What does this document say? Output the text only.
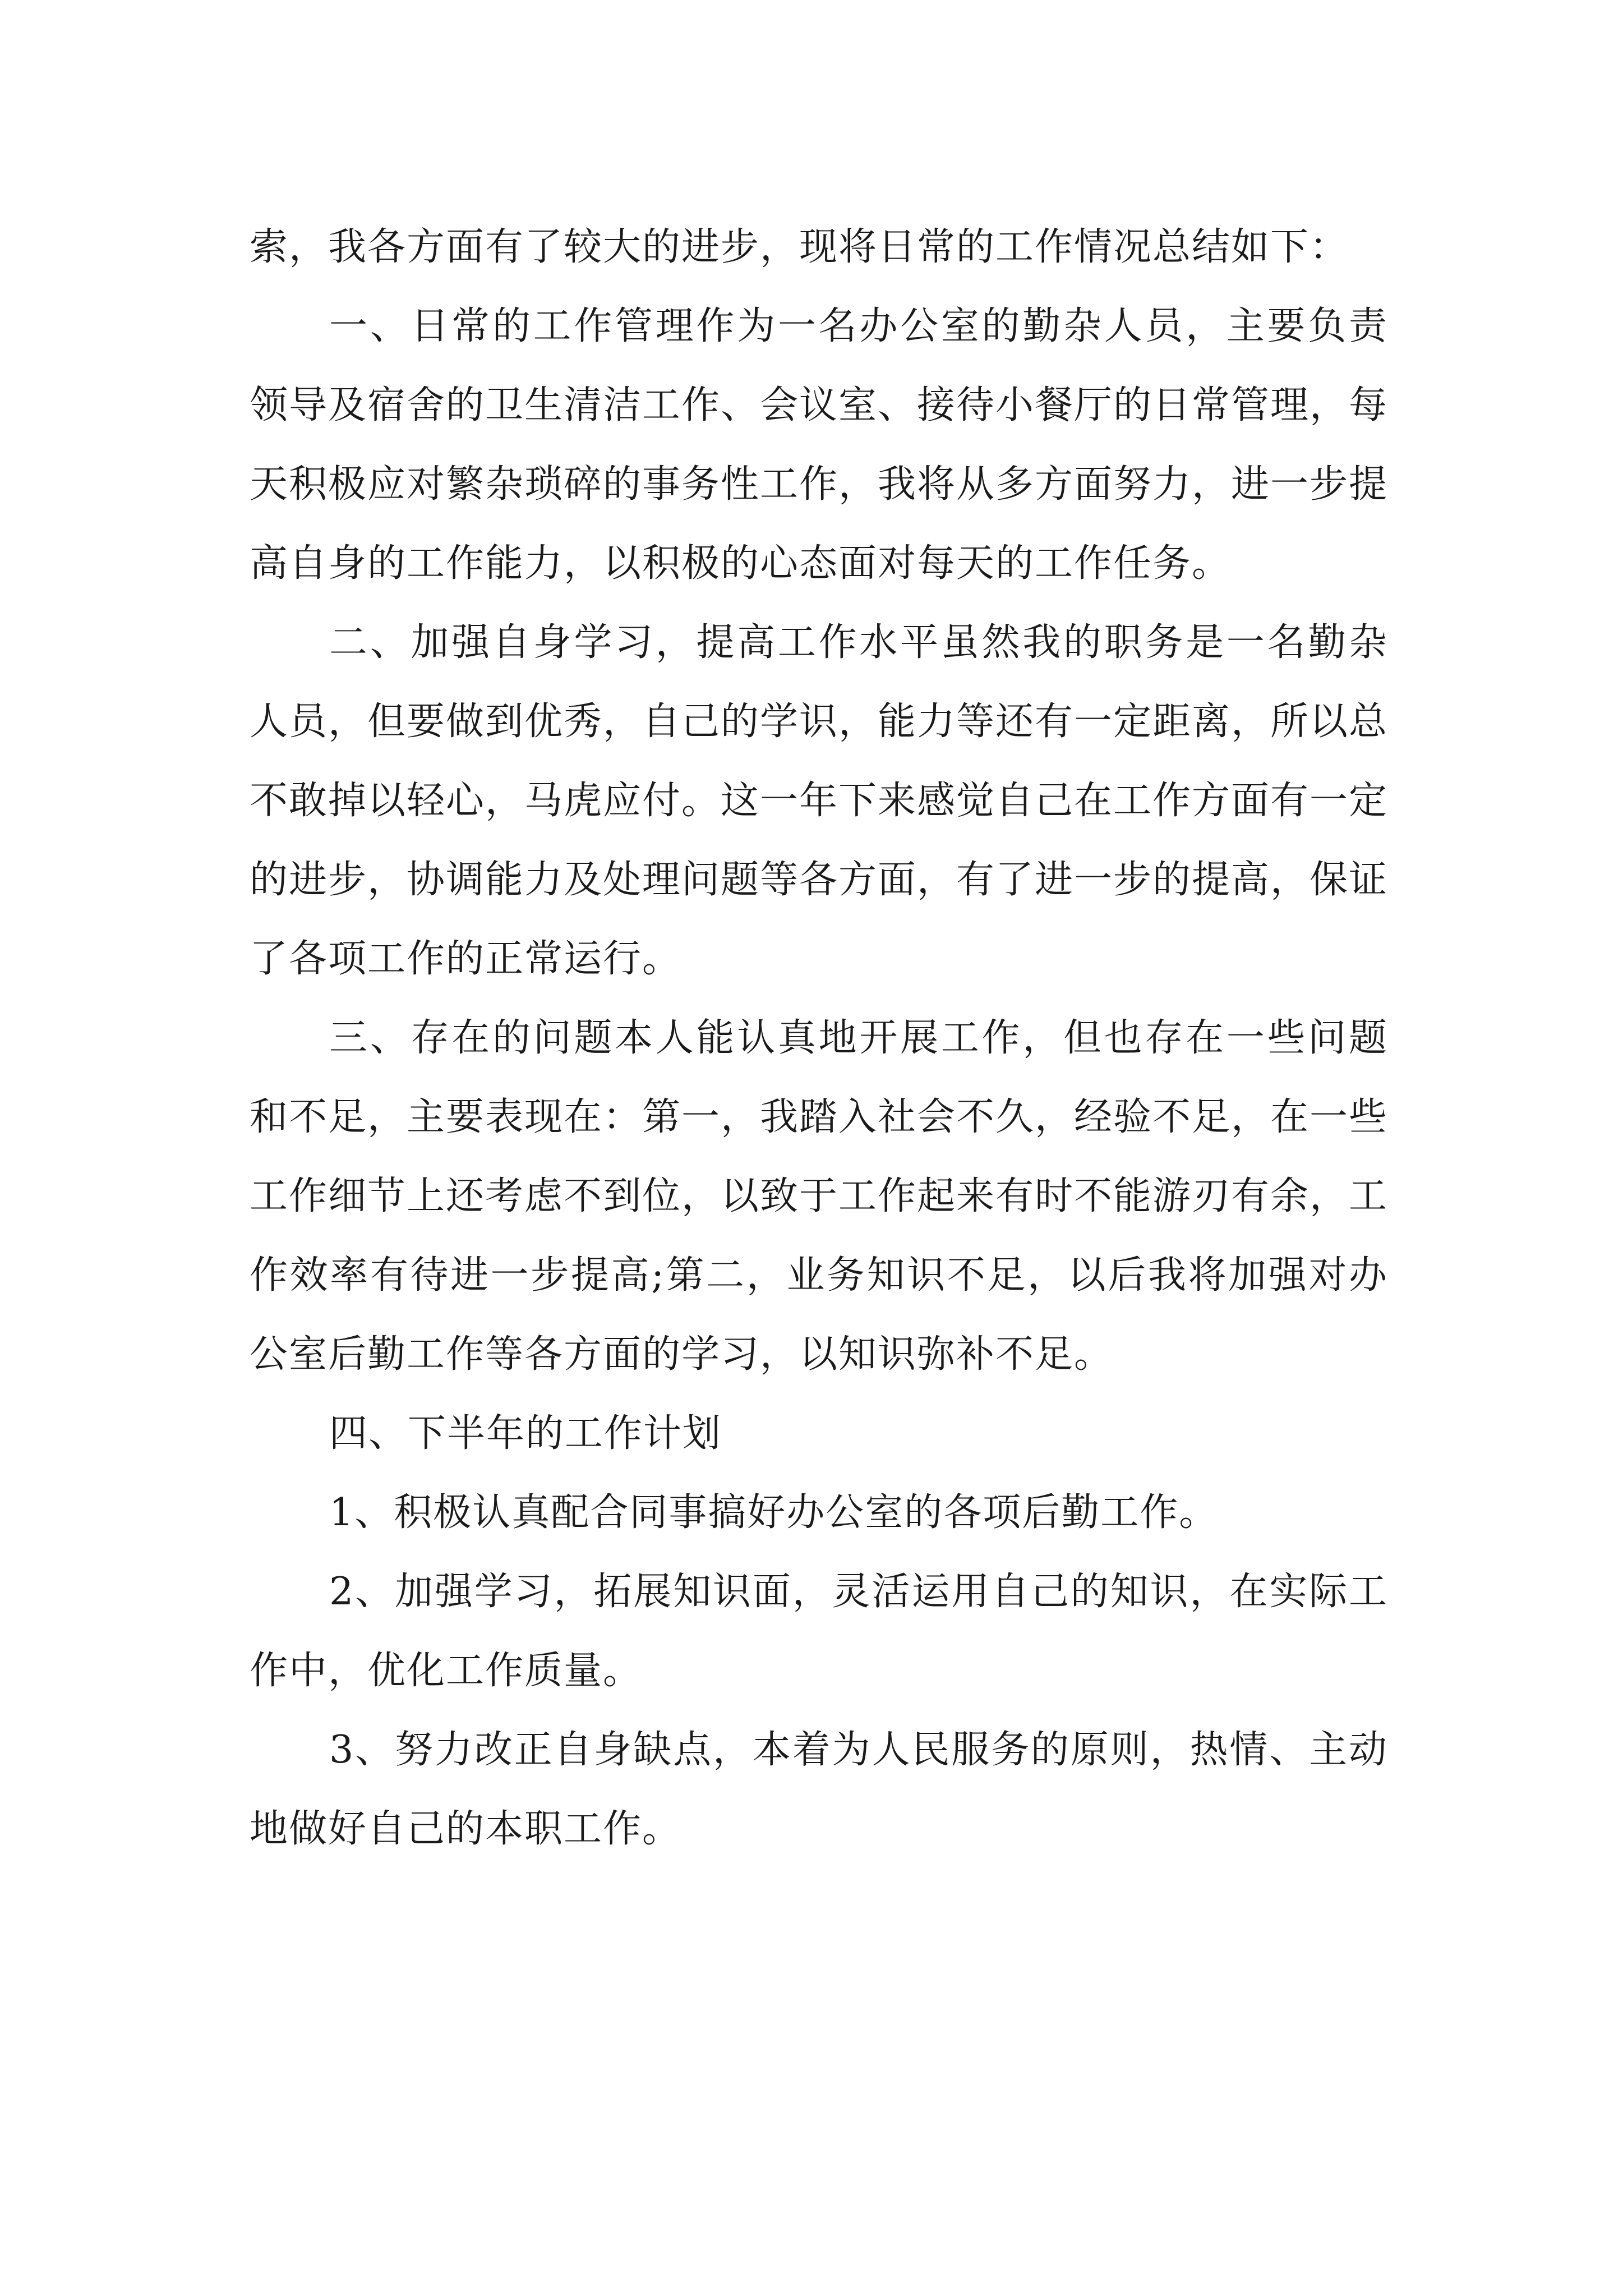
索，我各方面有了较大的进步，现将日常的工作情况总结如下：

一、日常的工作管理作为一名办公室的勤杂人员，主要负责领导及宿舍的卫生清洁工作、会议室、接待小餐厅的日常管理，每天积极应对繁杂琐碎的事务性工作，我将从多方面努力，进一步提高自身的工作能力，以积极的心态面对每天的工作任务。

二、加强自身学习，提高工作水平虽然我的职务是一名勤杂人员，但要做到优秀，自己的学识，能力等还有一定距离，所以总不敢掉以轻心，马虎应付。这一年下来感觉自己在工作方面有一定的进步，协调能力及处理问题等各方面，有了进一步的提高，保证了各项工作的正常运行。

三、存在的问题本人能认真地开展工作，但也存在一些问题和不足，主要表现在：第一，我踏入社会不久，经验不足，在一些工作细节上还考虑不到位，以致于工作起来有时不能游刃有余，工作效率有待进一步提高;第二，业务知识不足，以后我将加强对办公室后勤工作等各方面的学习，以知识弥补不足。

四、下半年的工作计划

1、积极认真配合同事搞好办公室的各项后勤工作。

2、加强学习，拓展知识面，灵活运用自己的知识，在实际工作中，优化工作质量。

3、努力改正自身缺点，本着为人民服务的原则，热情、主动地做好自己的本职工作。
